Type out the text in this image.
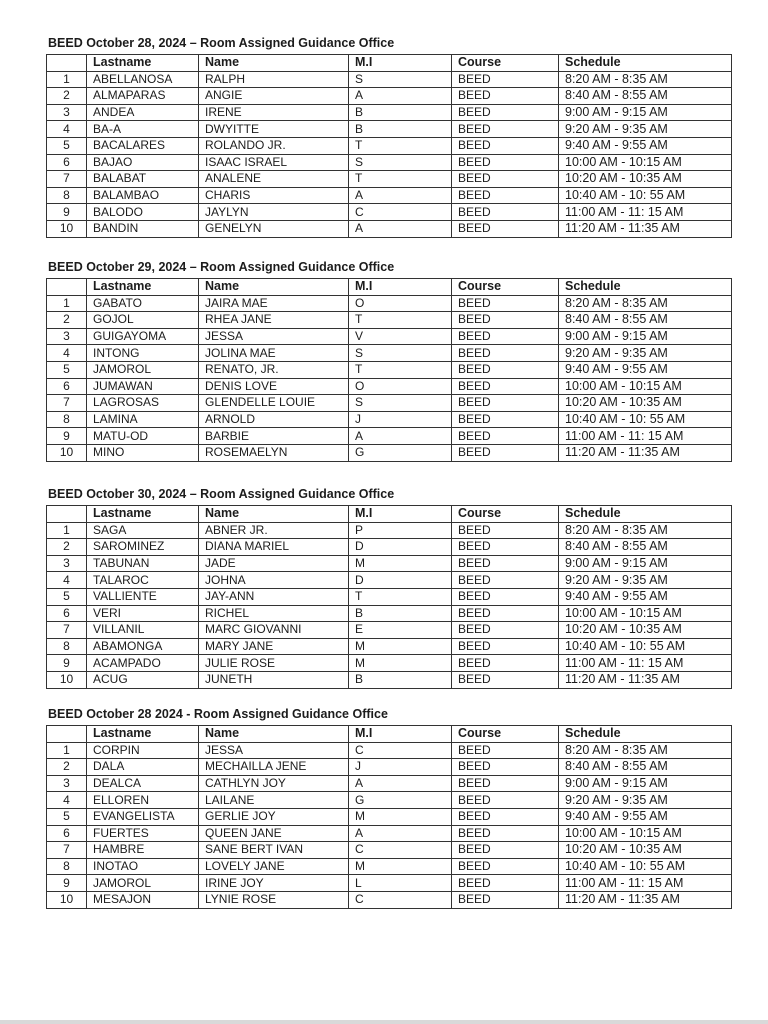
BEED October 28, 2024 – Room Assigned Guidance Office
	Lastname	Name	M.I	Course	Schedule
1	ABELLANOSA	RALPH	S	BEED	8:20 AM - 8:35 AM
2	ALMAPARAS	ANGIE	A	BEED	8:40 AM - 8:55 AM
3	ANDEA	IRENE	B	BEED	9:00 AM - 9:15 AM
4	BA-A	DWYITTE	B	BEED	9:20 AM - 9:35 AM
5	BACALARES	ROLANDO JR.	T	BEED	9:40 AM - 9:55 AM
6	BAJAO	ISAAC ISRAEL	S	BEED	10:00 AM - 10:15 AM
7	BALABAT	ANALENE	T	BEED	10:20 AM - 10:35 AM
8	BALAMBAO	CHARIS	A	BEED	10:40 AM - 10: 55 AM
9	BALODO	JAYLYN	C	BEED	11:00 AM - 11: 15 AM
10	BANDIN	GENELYN	A	BEED	11:20 AM - 11:35 AM
BEED October 29, 2024 – Room Assigned Guidance Office
	Lastname	Name	M.I	Course	Schedule
1	GABATO	JAIRA MAE	O	BEED	8:20 AM - 8:35 AM
2	GOJOL	RHEA JANE	T	BEED	8:40 AM - 8:55 AM
3	GUIGAYOMA	JESSA	V	BEED	9:00 AM - 9:15 AM
4	INTONG	JOLINA MAE	S	BEED	9:20 AM - 9:35 AM
5	JAMOROL	RENATO, JR.	T	BEED	9:40 AM - 9:55 AM
6	JUMAWAN	DENIS LOVE	O	BEED	10:00 AM - 10:15 AM
7	LAGROSAS	GLENDELLE LOUIE	S	BEED	10:20 AM - 10:35 AM
8	LAMINA	ARNOLD	J	BEED	10:40 AM - 10: 55 AM
9	MATU-OD	BARBIE	A	BEED	11:00 AM - 11: 15 AM
10	MINO	ROSEMAELYN	G	BEED	11:20 AM - 11:35 AM
BEED October 30, 2024 – Room Assigned Guidance Office
	Lastname	Name	M.I	Course	Schedule
1	SAGA	ABNER JR.	P	BEED	8:20 AM - 8:35 AM
2	SAROMINEZ	DIANA MARIEL	D	BEED	8:40 AM - 8:55 AM
3	TABUNAN	JADE	M	BEED	9:00 AM - 9:15 AM
4	TALAROC	JOHNA	D	BEED	9:20 AM - 9:35 AM
5	VALLIENTE	JAY-ANN	T	BEED	9:40 AM - 9:55 AM
6	VERI	RICHEL	B	BEED	10:00 AM - 10:15 AM
7	VILLANIL	MARC GIOVANNI	E	BEED	10:20 AM - 10:35 AM
8	ABAMONGA	MARY JANE	M	BEED	10:40 AM - 10: 55 AM
9	ACAMPADO	JULIE ROSE	M	BEED	11:00 AM - 11: 15 AM
10	ACUG	JUNETH	B	BEED	11:20 AM - 11:35 AM
BEED October 28 2024 - Room Assigned Guidance Office
	Lastname	Name	M.I	Course	Schedule
1	CORPIN	JESSA	C	BEED	8:20 AM - 8:35 AM
2	DALA	MECHAILLA JENE	J	BEED	8:40 AM - 8:55 AM
3	DEALCA	CATHLYN JOY	A	BEED	9:00 AM - 9:15 AM
4	ELLOREN	LAILANE	G	BEED	9:20 AM - 9:35 AM
5	EVANGELISTA	GERLIE JOY	M	BEED	9:40 AM - 9:55 AM
6	FUERTES	QUEEN JANE	A	BEED	10:00 AM - 10:15 AM
7	HAMBRE	SANE BERT IVAN	C	BEED	10:20 AM - 10:35 AM
8	INOTAO	LOVELY JANE	M	BEED	10:40 AM - 10: 55 AM
9	JAMOROL	IRINE JOY	L	BEED	11:00 AM - 11: 15 AM
10	MESAJON	LYNIE ROSE	C	BEED	11:20 AM - 11:35 AM
